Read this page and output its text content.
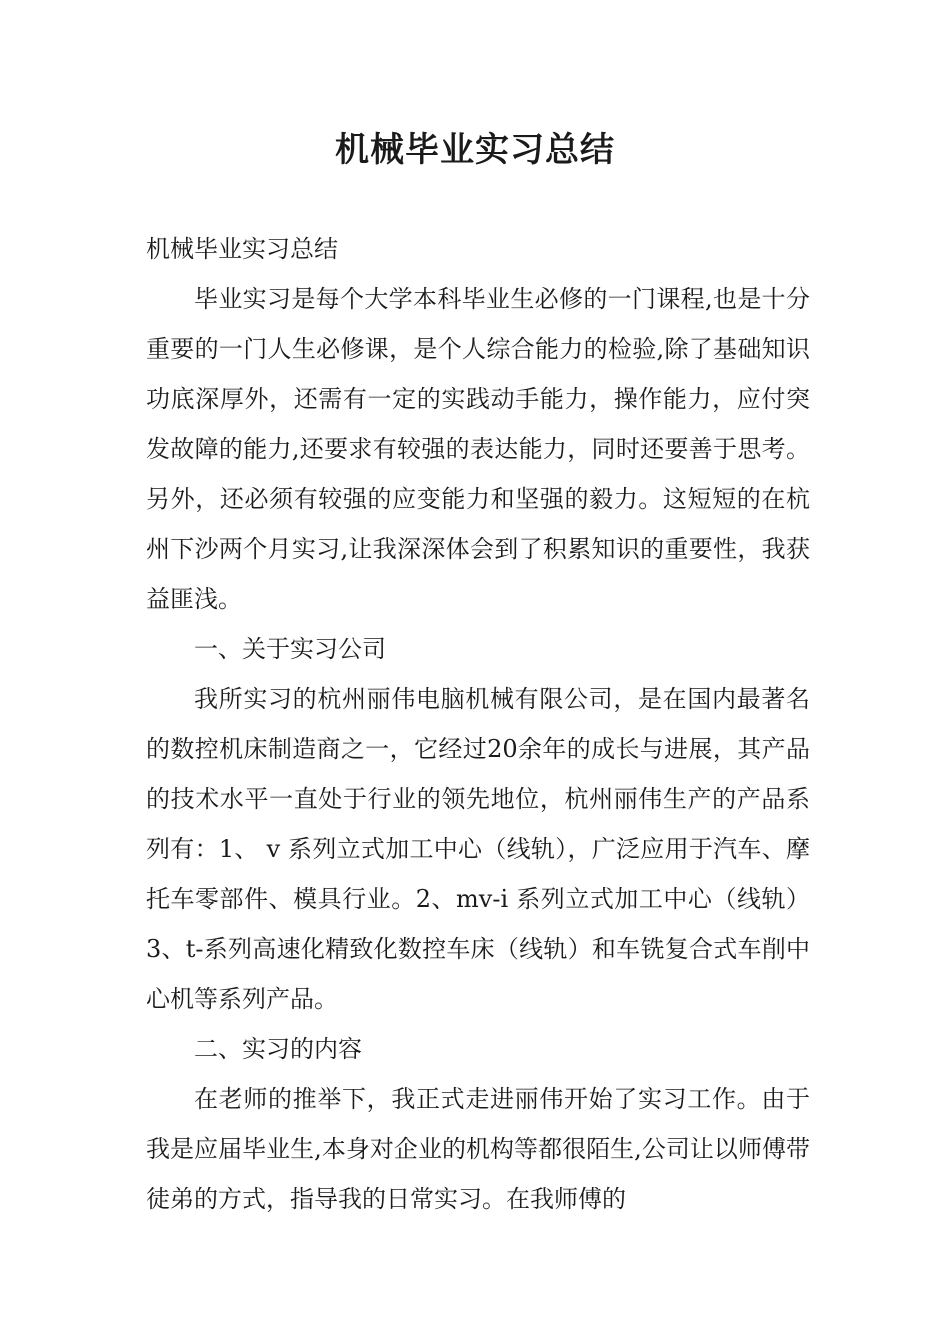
机械毕业实习总结

机械毕业实习总结

毕业实习是每个大学本科毕业生必修的一门课程,也是十分重要的一门人生必修课，是个人综合能力的检验,除了基础知识功底深厚外，还需有一定的实践动手能力，操作能力，应付突发故障的能力,还要求有较强的表达能力，同时还要善于思考。另外，还必须有较强的应变能力和坚强的毅力。这短短的在杭州下沙两个月实习,让我深深体会到了积累知识的重要性，我获益匪浅。

一、关于实习公司

我所实习的杭州丽伟电脑机械有限公司，是在国内最著名的数控机床制造商之一，它经过20余年的成长与进展，其产品的技术水平一直处于行业的领先地位，杭州丽伟生产的产品系列有：1、 v 系列立式加工中心（线轨），广泛应用于汽车、摩托车零部件、模具行业。2、mv-i 系列立式加工中心（线轨）3、t-系列高速化精致化数控车床（线轨）和车铣复合式车削中心机等系列产品。

二、实习的内容

在老师的推举下，我正式走进丽伟开始了实习工作。由于我是应届毕业生,本身对企业的机构等都很陌生,公司让以师傅带徒弟的方式，指导我的日常实习。在我师傅的
